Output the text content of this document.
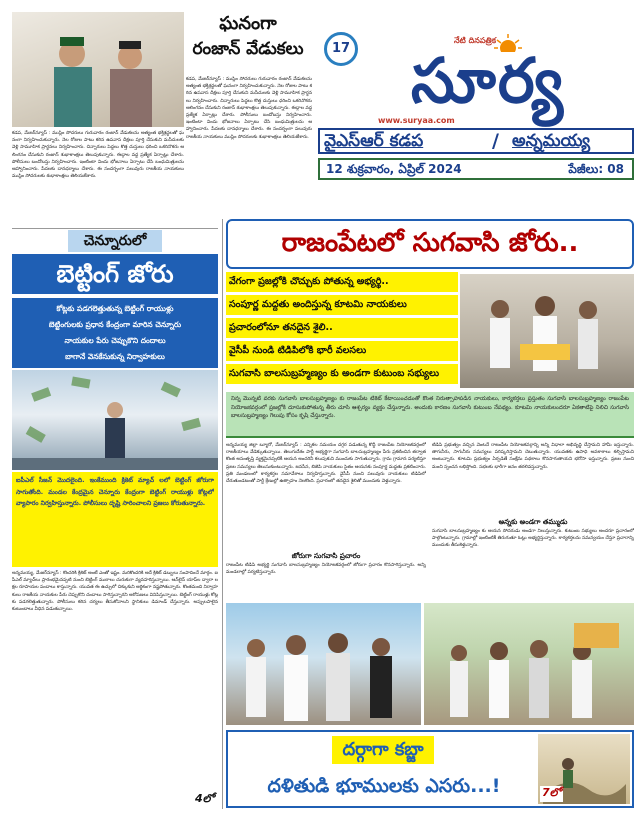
ఘనంగా
రంజాన్ వేడుకలు
కడప, మేజర్‌న్యూస్ : ముస్లిం సోదరులు గురువారం రంజాన్ వేడుకలను అత్యంత భక్తిశ్రద్ధలతో ఘనంగా నిర్వహించుకున్నారు. నెల రోజుల పాటు కఠిన ఉపవాస దీక్షలు పూర్తి చేసుకుని మసీదులకు వెళ్లి సామూహిక ప్రార్థనలు నిర్వహించారు. చిన్నారులు పెద్దలు కొత్త దుస్తులు ధరించి ఒకరినొకరు ఆలింగనం చేసుకుని రంజాన్ శుభాకాంక్షలు తెలుపుకున్నారు. ఈద్గాల వద్ద ప్రత్యేక ఏర్పాట్లు చేశారు. పోలీసులు బందోబస్తు నిర్వహించారు. ఇంటింటా విందు భోజనాలు ఏర్పాటు చేసి బంధుమిత్రులను ఆహ్వానించారు. పేదలకు దానధర్మాలు చేశారు. ఈ సందర్భంగా పలువురు రాజకీయ నాయకులు ముస్లిం సోదరులకు శుభాకాంక్షలు తెలియజేశారు.
కడప, మేజర్‌న్యూస్ : ముస్లిం సోదరులు గురువారం రంజాన్ వేడుకలను అత్యంత భక్తిశ్రద్ధలతో ఘనంగా నిర్వహించుకున్నారు. నెల రోజుల పాటు కఠిన ఉపవాస దీక్షలు పూర్తి చేసుకుని మసీదులకు వెళ్లి సామూహిక ప్రార్థనలు నిర్వహించారు. చిన్నారులు పెద్దలు కొత్త దుస్తులు ధరించి ఒకరినొకరు ఆలింగనం చేసుకుని రంజాన్ శుభాకాంక్షలు తెలుపుకున్నారు. ఈద్గాల వద్ద ప్రత్యేక ఏర్పాట్లు చేశారు. పోలీసులు బందోబస్తు నిర్వహించారు. ఇంటింటా విందు భోజనాలు ఏర్పాటు చేసి బంధుమిత్రులను ఆహ్వానించారు. పేదలకు దానధర్మాలు చేశారు. ఈ సందర్భంగా పలువురు రాజకీయ నాయకులు ముస్లిం సోదరులకు శుభాకాంక్షలు తెలియజేశారు.
17
నేటి దినపత్రిక
సూర్య
www.suryaa.com
వైఎస్ఆర్ కడప	/ అన్నమయ్య
12 శుక్రవారం, ఏప్రిల్ 2024	పేజీలు: 08
చెన్నూరులో
బెట్టింగ్ జోరు
కోట్లకు పడగలెత్తుతున్న బెట్టింగ్ రాయుళ్లు
బెట్టింగులకు ప్రధాన కేంద్రంగా మారిన చెన్నూరు
నాయకుల పేరు చెప్పుకొని దందాలు
బాగానే వెనకేసుకున్న నిర్వాహకులు
ఐపీఎల్ సీజన్ మొదలైంది. ఇంకేముంది క్రికెట్ మ్యాచ్ లలో బెట్టింగ్ జోరుగా సాగుతోంది. మండల కేంద్రమైన చెన్నూరు కేంద్రంగా బెట్టింగ్ రాయుళ్లు కోట్లలో వ్యాపారం నిర్వహిస్తున్నారు. పోలీసులు దృష్టి సారించాలని ప్రజలు కోరుతున్నారు.
అన్నమయ్య, మేజర్‌న్యూస్ : కొందరికి క్రికెట్ అంటే ఎంతో ఇష్టం. మరికొందరికి అదే క్రికెట్ డబ్బులు సంపాదించే మార్గం. ఐపీఎల్ మ్యాచ్‌లు ప్రారంభమైనప్పటి నుంచి బెట్టింగ్ ముఠాలు చురుకుగా వ్యవహరిస్తున్నాయి. ఆన్‌లైన్ యాప్‌ల ద్వారా లక్షల రూపాయల పందాలు కాస్తున్నారు. యువత ఈ ఉచ్చులో చిక్కుకుని ఆర్థికంగా నష్టపోతున్నారు. కొంతమంది నిర్వాహకులు రాజకీయ నాయకుల పేరు చెప్పుకొని దందాలు సాగిస్తున్నారని ఆరోపణలు వినిపిస్తున్నాయి. బెట్టింగ్ రాయుళ్లు కోట్లకు పడగలెత్తుతున్నారు. పోలీసులు కఠిన చర్యలు తీసుకోవాలని స్థానికులు డిమాండ్ చేస్తున్నారు. అప్పులపాలైన కుటుంబాలు వీధిన పడుతున్నాయి.
4లో
రాజంపేటలో సుగవాసి జోరు..
వేగంగా ప్రజల్లోకి చొచ్చుకు పోతున్న అభ్యర్థి..
సంపూర్ణ మద్దతు అందిస్తున్న కూటమి నాయకులు
ప్రచారంలోనూ తనదైన శైలి..
వైసీపీ నుండి టిడిపిలోకి భారీ వలసలు
సుగవాసి బాలసుబ్రహ్మణ్యం కు అండగా కుటుంబ సభ్యులు
నిన్న మొన్నటి వరకు సుగవాసి బాలసుబ్రహ్మణ్యం కు రాజంపేట టికెట్ కేటాయించడంతో కొంత నిరుత్సాహపడిన నాయకులు, కార్యకర్తలు ప్రస్తుతం సుగవాసి బాలసుబ్రహ్మణ్యం రాజంపేట నియోజకవర్గంలో ప్రజల్లోకి దూసుకుపోతున్న తీరు చూసి ఆశ్చర్యం వ్యక్తం చేస్తున్నారు. అందుకు కారణం సుగవాసి కుటుంబ నేపథ్యం. కూటమి నాయకులందరూ ఏకతాటిపై నిలిచి సుగవాసి బాలసుబ్రహ్మణ్యం గెలుపు కోసం కృషి చేస్తున్నారు.
అన్నమయ్య జిల్లా బ్యూరో, మేజర్‌న్యూస్ : ఎన్నికల సమయం దగ్గర పడుతున్న కొద్దీ రాజంపేట నియోజకవర్గంలో రాజకీయాలు వేడెక్కుతున్నాయి. తెలుగుదేశం పార్టీ అభ్యర్థిగా సుగవాసి బాలసుబ్రహ్మణ్యం పేరు ప్రకటించిన తర్వాత కొంత అసంతృప్తి వ్యక్తమైనప్పటికీ ఆయన అందరినీ కలుపుకుని ముందుకు సాగుతున్నారు. గ్రామ గ్రామాన పర్యటిస్తూ ప్రజల సమస్యలు తెలుసుకుంటున్నారు. జనసేన, బిజెపి నాయకులు సైతం ఆయనకు సంపూర్ణ మద్దతు ప్రకటించారు. ప్రతి మండలంలో కార్యకర్తల సమావేశాలు నిర్వహిస్తున్నారు. వైసీపీ నుంచి పలువురు నాయకులు టిడిపిలో చేరుతుండటంతో పార్టీ శ్రేణుల్లో ఉత్సాహం నెలకొంది. ప్రచారంలో తనదైన శైలితో ముందుకు వెళ్తున్నారు.
జోరుగా సుగవాసి ప్రచారం
రాజంపేట టిడిపి అభ్యర్థి సుగవాసి బాలసుబ్రహ్మణ్యం నియోజకవర్గంలో జోరుగా ప్రచారం కొనసాగిస్తున్నారు. అన్ని మండలాల్లో పర్యటిస్తున్నారు.
టిడిపి ప్రభుత్వం వచ్చిన వెంటనే రాజంపేట నియోజకవర్గాన్ని అన్ని విధాలా అభివృద్ధి చేస్తామని హామీ ఇస్తున్నారు. తాగునీరు, సాగునీరు సమస్యలు పరిష్కరిస్తామని చెబుతున్నారు. యువతకు ఉపాధి అవకాశాలు కల్పిస్తామని అంటున్నారు. కూటమి ప్రభుత్వం ఏర్పడితే సంక్షేమ పథకాలు కొనసాగుతాయని భరోసా ఇస్తున్నారు. ప్రజల నుంచి మంచి స్పందన లభిస్తోంది. సభలకు భారీగా జనం తరలివస్తున్నారు.
అన్నకు అండగా తమ్ముడు
సుగవాసి బాలసుబ్రహ్మణ్యం కు ఆయన సోదరుడు అండగా నిలుస్తున్నారు. కుటుంబ సభ్యులు అందరూ ప్రచారంలో పాల్గొంటున్నారు. గ్రామాల్లో ఇంటింటికీ తిరుగుతూ ఓట్లు అభ్యర్థిస్తున్నారు. కార్యకర్తలను సమన్వయం చేస్తూ ప్రచారాన్ని ముందుకు తీసుకెళ్తున్నారు.
దర్గాగా కబ్జా
దళితుడి భూములకు ఎసరు...!	7లో
